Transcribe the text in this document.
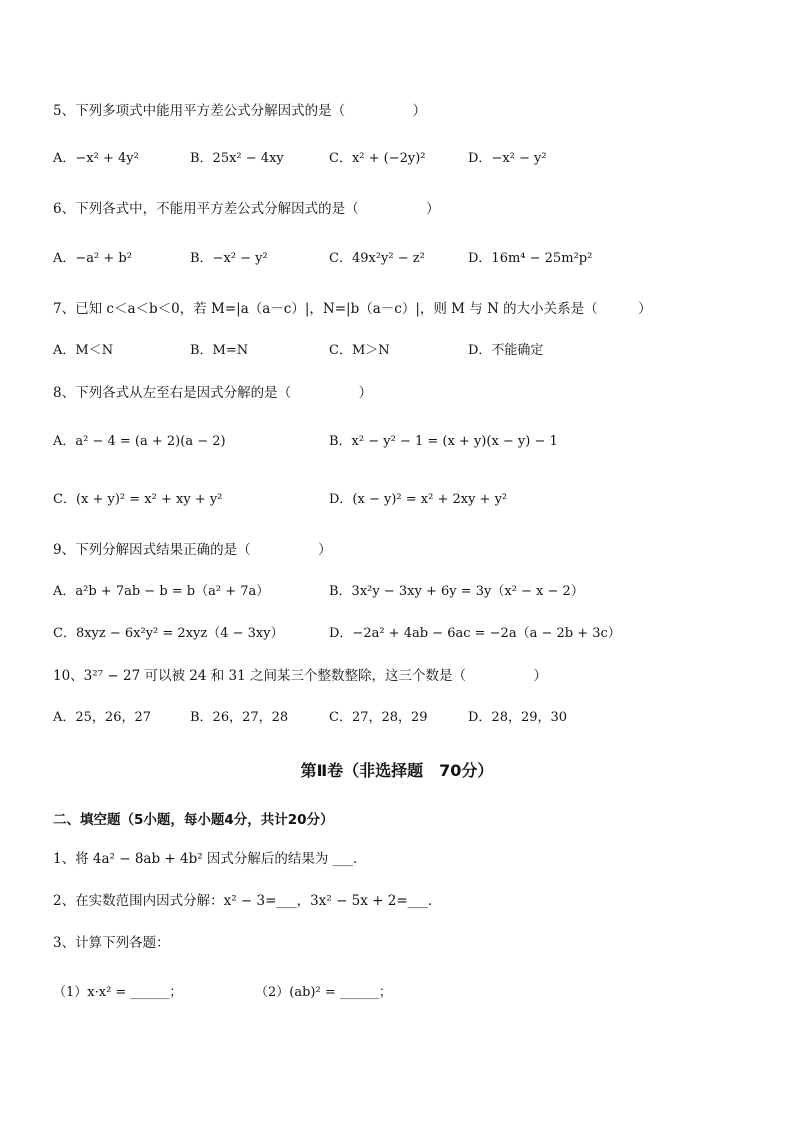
5、下列多项式中能用平方差公式分解因式的是（　　　　　）
A．−x² + 4y²	B．25x² − 4xy	C．x² + (−2y)²	D．−x² − y²
6、下列各式中，不能用平方差公式分解因式的是（　　　　　）
A．−a² + b²	B．−x² − y²	C．49x²y² − z²	D．16m⁴ − 25m²p²
7、已知 c＜a＜b＜0，若 M=|a（a－c）|，N=|b（a－c）|，则 M 与 N 的大小关系是（　　　）
A．M＜N	B．M=N	C．M＞N	D．不能确定
8、下列各式从左至右是因式分解的是（　　　　　）
A．a² − 4 = (a + 2)(a − 2)	B．x² − y² − 1 = (x + y)(x − y) − 1
C．(x + y)² = x² + xy + y²	D．(x − y)² = x² + 2xy + y²
9、下列分解因式结果正确的是（　　　　　）
A．a²b + 7ab − b = b（a² + 7a）	B．3x²y − 3xy + 6y = 3y（x² − x − 2）
C．8xyz − 6x²y² = 2xyz（4 − 3xy）	D．−2a² + 4ab − 6ac = −2a（a − 2b + 3c）
10、3²⁷ − 27 可以被 24 和 31 之间某三个整数整除，这三个数是（　　　　　）
A．25，26，27	B．26，27，28	C．27，28，29	D．28，29，30
第Ⅱ卷（非选择题　70分）
二、填空题（5小题，每小题4分，共计20分）
1、将 4a² − 8ab + 4b² 因式分解后的结果为 ___．
2、在实数范围内因式分解：x² − 3=___，3x² − 5x + 2=___．
3、计算下列各题：
（1）x·x² = ______；	（2）(ab)² = ______；
